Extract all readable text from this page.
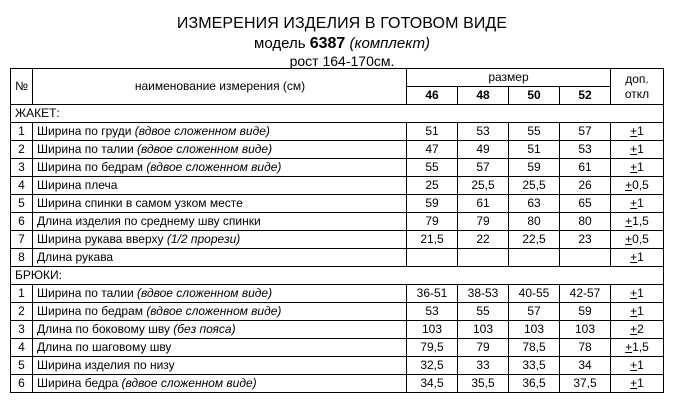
ИЗМЕРЕНИЯ ИЗДЕЛИЯ В ГОТОВОМ ВИДЕ
модель 6387 (комплект)
рост 164-170см.
№	наименование измерения (см)	размер				доп.
откл

		46	48	50	52	
ЖАКЕТ:						
1	Ширина по груди (вдвое сложенном виде)	51	53	55	57	+1
2	Ширина по талии (вдвое сложенном виде)	47	49	51	53	+1
3	Ширина по бедрам (вдвое сложенном виде)	55	57	59	61	+1
4	Ширина плеча	25	25,5	25,5	26	+0,5
5	Ширина спинки в самом узком месте	59	61	63	65	+1
6	Длина изделия по среднему шву спинки	79	79	80	80	+1,5
7	Ширина рукава вверху (1/2 прорези)	21,5	22	22,5	23	+0,5
8	Длина рукава					+1
БРЮКИ:						
1	Ширина по талии (вдвое сложенном виде)	36-51	38-53	40-55	42-57	+1
2	Ширина по бедрам (вдвое сложенном виде)	53	55	57	59	+1
3	Длина по боковому шву (без пояса)	103	103	103	103	+2
4	Длина по шаговому шву	79,5	79	78,5	78	+1,5
5	Ширина изделия по низу	32,5	33	33,5	34	+1
6	Ширина бедра (вдвое сложенном виде)	34,5	35,5	36,5	37,5	+1
